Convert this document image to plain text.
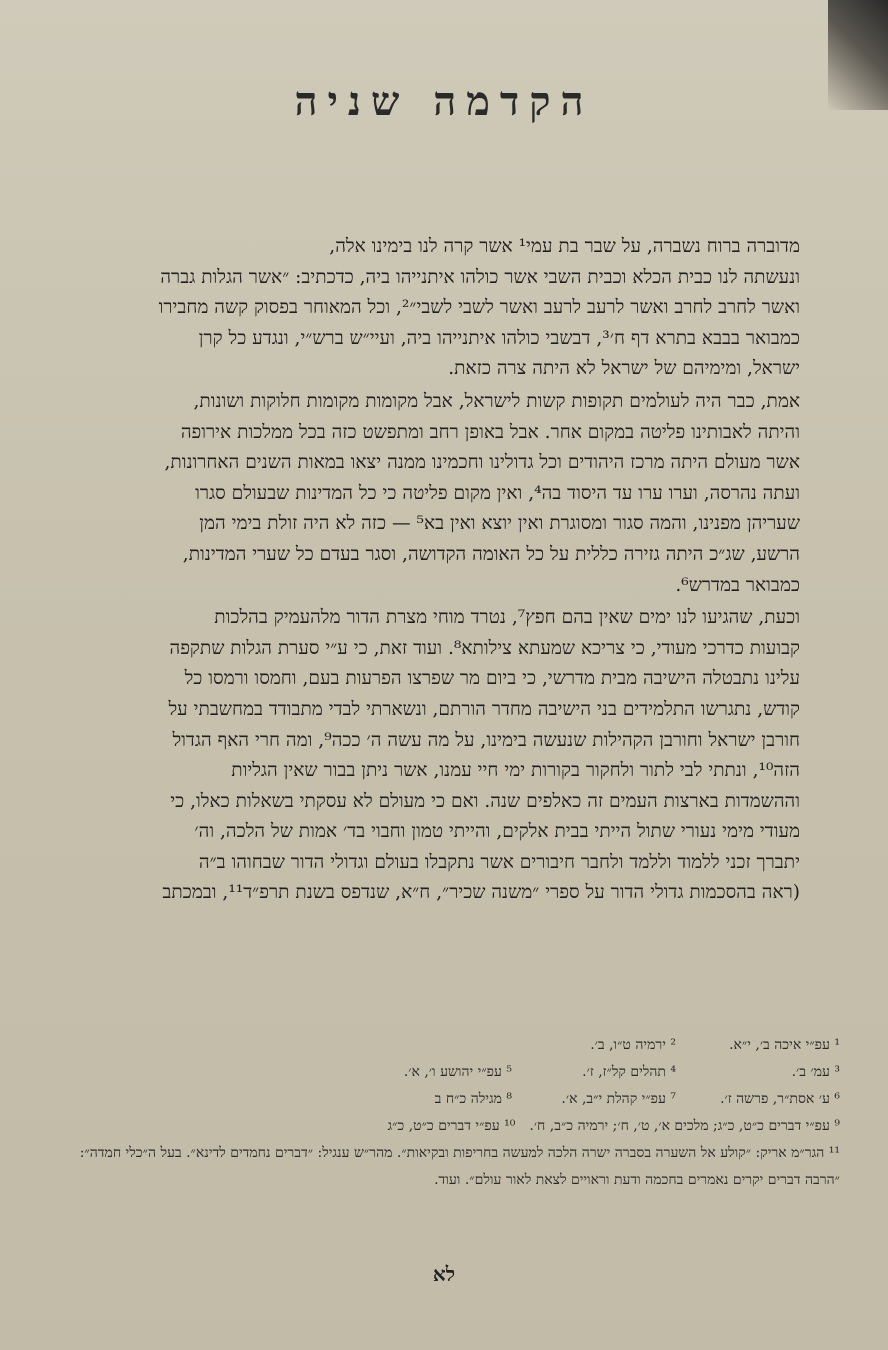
הקדמה שניה
מדוברה ברוח נשברה, על שבר בת עמי¹ אשר קרה לנו בימינו אלה,
ונעשתה לנו כבית הכלא וכבית השבי אשר כולהו איתנייהו ביה, כדכתיב: ״אשר הגלות גברה
ואשר לחרב לחרב ואשר לרעב לרעב ואשר לשבי לשבי״², וכל המאוחר בפסוק קשה מחבירו
כמבואר בבבא בתרא דף ח׳³, דבשבי כולהו איתנייהו ביה, ועיי״ש ברש״י, ונגדע כל קרן
ישראל, ומימיהם של ישראל לא היתה צרה כזאת.
אמת, כבר היה לעולמים תקופות קשות לישראל, אבל מקומות מקומות חלוקות ושונות,
והיתה לאבותינו פליטה במקום אחר. אבל באופן רחב ומתפשט כזה בכל ממלכות אירופה
אשר מעולם היתה מרכז היהודים וכל גדולינו וחכמינו ממנה יצאו במאות השנים האחרונות,
ועתה נהרסה, וערו ערו עד היסוד בה⁴, ואין מקום פליטה כי כל המדינות שבעולם סגרו
שעריהן מפנינו, והמה סגור ומסוגרת ואין יוצא ואין בא⁵ — כזה לא היה זולת בימי המן
הרשע, שג״כ היתה גזירה כללית על כל האומה הקדושה, וסגר בעדם כל שערי המדינות,
כמבואר במדרש⁶.
וכעת, שהגיעו לנו ימים שאין בהם חפץ⁷, נטרד מוחי מצרת הדור מלהעמיק בהלכות
קבועות כדרכי מעודי, כי צריכא שמעתא צילותא⁸. ועוד זאת, כי ע״י סערת הגלות שתקפה
עלינו נתבטלה הישיבה מבית מדרשי, כי ביום מר שפרצו הפרעות בעם, וחמסו ורמסו כל
קודש, נתגרשו התלמידים בני הישיבה מחדר הורתם, ונשארתי לבדי מתבודד במחשבתי על
חורבן ישראל וחורבן הקהילות שנעשה בימינו, על מה עשה ה׳ ככה⁹, ומה חרי האף הגדול
הזה¹⁰, ונתתי לבי לתור ולחקור בקורות ימי חיי עמנו, אשר ניתן בבור שאין הגליות
וההשמדות בארצות העמים זה כאלפים שנה. ואם כי מעולם לא עסקתי בשאלות כאלו, כי
מעודי מימי נעורי שתול הייתי בבית אלקים, והייתי טמון וחבוי בד׳ אמות של הלכה, וה׳
יתברך זכני ללמוד וללמד ולחבר חיבורים אשר נתקבלו בעולם וגדולי הדור שבחוהו ב״ה
(ראה בהסכמות גדולי הדור על ספרי ״משנה שכיר״, ח״א, שנדפס בשנת תרפ״ד¹¹, ובמכתב
¹ עפ״י איכה ב׳, י״א.
² ירמיה ט״ו, ב׳.
³ עמ׳ ב׳.
⁴ תהלים קל״ז, ז׳.
⁵ עפ״י יהושע ו׳, א׳.
⁶ ע׳ אסת״ר, פרשה ז׳.
⁷ עפ״י קהלת י״ב, א׳.
⁸ מגילה כ״ח ב
⁹ עפ״י דברים כ״ט, כ״ג; מלכים א׳, ט׳, ח׳; ירמיה כ״ב, ח׳.
¹⁰ עפ״י דברים כ״ט, כ״ג
¹¹ הגר״מ אריק: ״קולע אל השערה בסברה ישרה הלכה למעשה בחריפות ובקיאות״. מהר״ש ענגיל: ״דברים נחמדים לדינא״. בעל ה״כלי חמדה״: ״הרבה דברים יקרים נאמרים בחכמה ודעת וראויים לצאת לאור עולם״. ועוד.
לא
